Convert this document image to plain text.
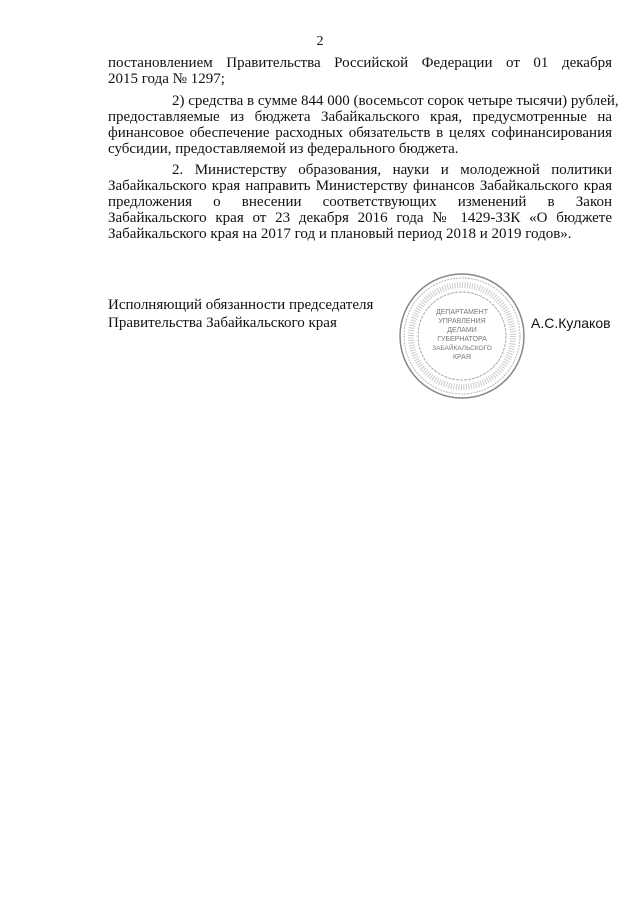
2
постановлением Правительства Российской Федерации от 01 декабря
2015 года № 1297;
2) средства в сумме 844 000 (восемьсот сорок четыре тысячи) рублей,
предоставляемые из бюджета Забайкальского края, предусмотренные на
финансовое обеспечение расходных обязательств в целях софинансирования
субсидии, предоставляемой из федерального бюджета.
2. Министерству образования, науки и молодежной политики
Забайкальского края направить Министерству финансов Забайкальского края
предложения о внесении соответствующих изменений в Закон
Забайкальского края от 23 декабря 2016 года № 1429-ЗЗК «О бюджете
Забайкальского края на 2017 год и плановый период 2018 и 2019 годов».
Исполняющий обязанности председателя
Правительства Забайкальского края	А.С.Кулаков
ДЕПАРТАМЕНТ
УПРАВЛЕНИЯ
ДЕЛАМИ
ГУБЕРНАТОРА
ЗАБАЙКАЛЬСКОГО
КРАЯ
